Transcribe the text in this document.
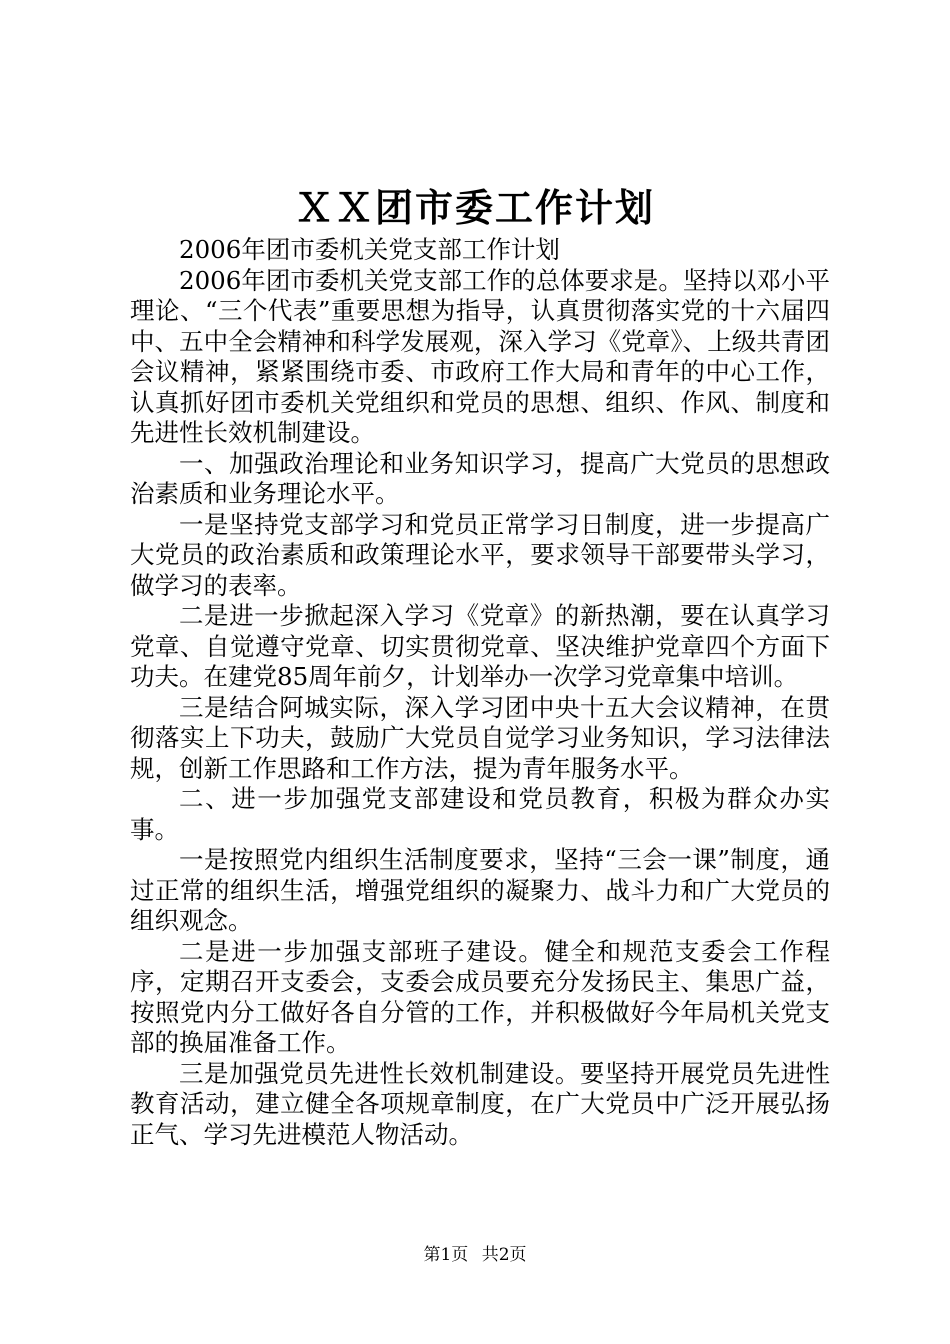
ＸＸ团市委工作计划

2006年团市委机关党支部工作计划

2006年团市委机关党支部工作的总体要求是。坚持以邓小平理论、“三个代表”重要思想为指导，认真贯彻落实党的十六届四中、五中全会精神和科学发展观，深入学习《党章》、上级共青团会议精神，紧紧围绕市委、市政府工作大局和青年的中心工作，认真抓好团市委机关党组织和党员的思想、组织、作风、制度和先进性长效机制建设。

一、加强政治理论和业务知识学习，提高广大党员的思想政治素质和业务理论水平。

一是坚持党支部学习和党员正常学习日制度，进一步提高广大党员的政治素质和政策理论水平，要求领导干部要带头学习，做学习的表率。

二是进一步掀起深入学习《党章》的新热潮，要在认真学习党章、自觉遵守党章、切实贯彻党章、坚决维护党章四个方面下功夫。在建党85周年前夕，计划举办一次学习党章集中培训。

三是结合阿城实际，深入学习团中央十五大会议精神，在贯彻落实上下功夫，鼓励广大党员自觉学习业务知识，学习法律法规，创新工作思路和工作方法，提为青年服务水平。

二、进一步加强党支部建设和党员教育，积极为群众办实事。

一是按照党内组织生活制度要求，坚持“三会一课”制度，通过正常的组织生活，增强党组织的凝聚力、战斗力和广大党员的组织观念。

二是进一步加强支部班子建设。健全和规范支委会工作程序，定期召开支委会，支委会成员要充分发扬民主、集思广益，按照党内分工做好各自分管的工作，并积极做好今年局机关党支部的换届准备工作。

三是加强党员先进性长效机制建设。要坚持开展党员先进性教育活动，建立健全各项规章制度，在广大党员中广泛开展弘扬正气、学习先进模范人物活动。

第1页 共2页
